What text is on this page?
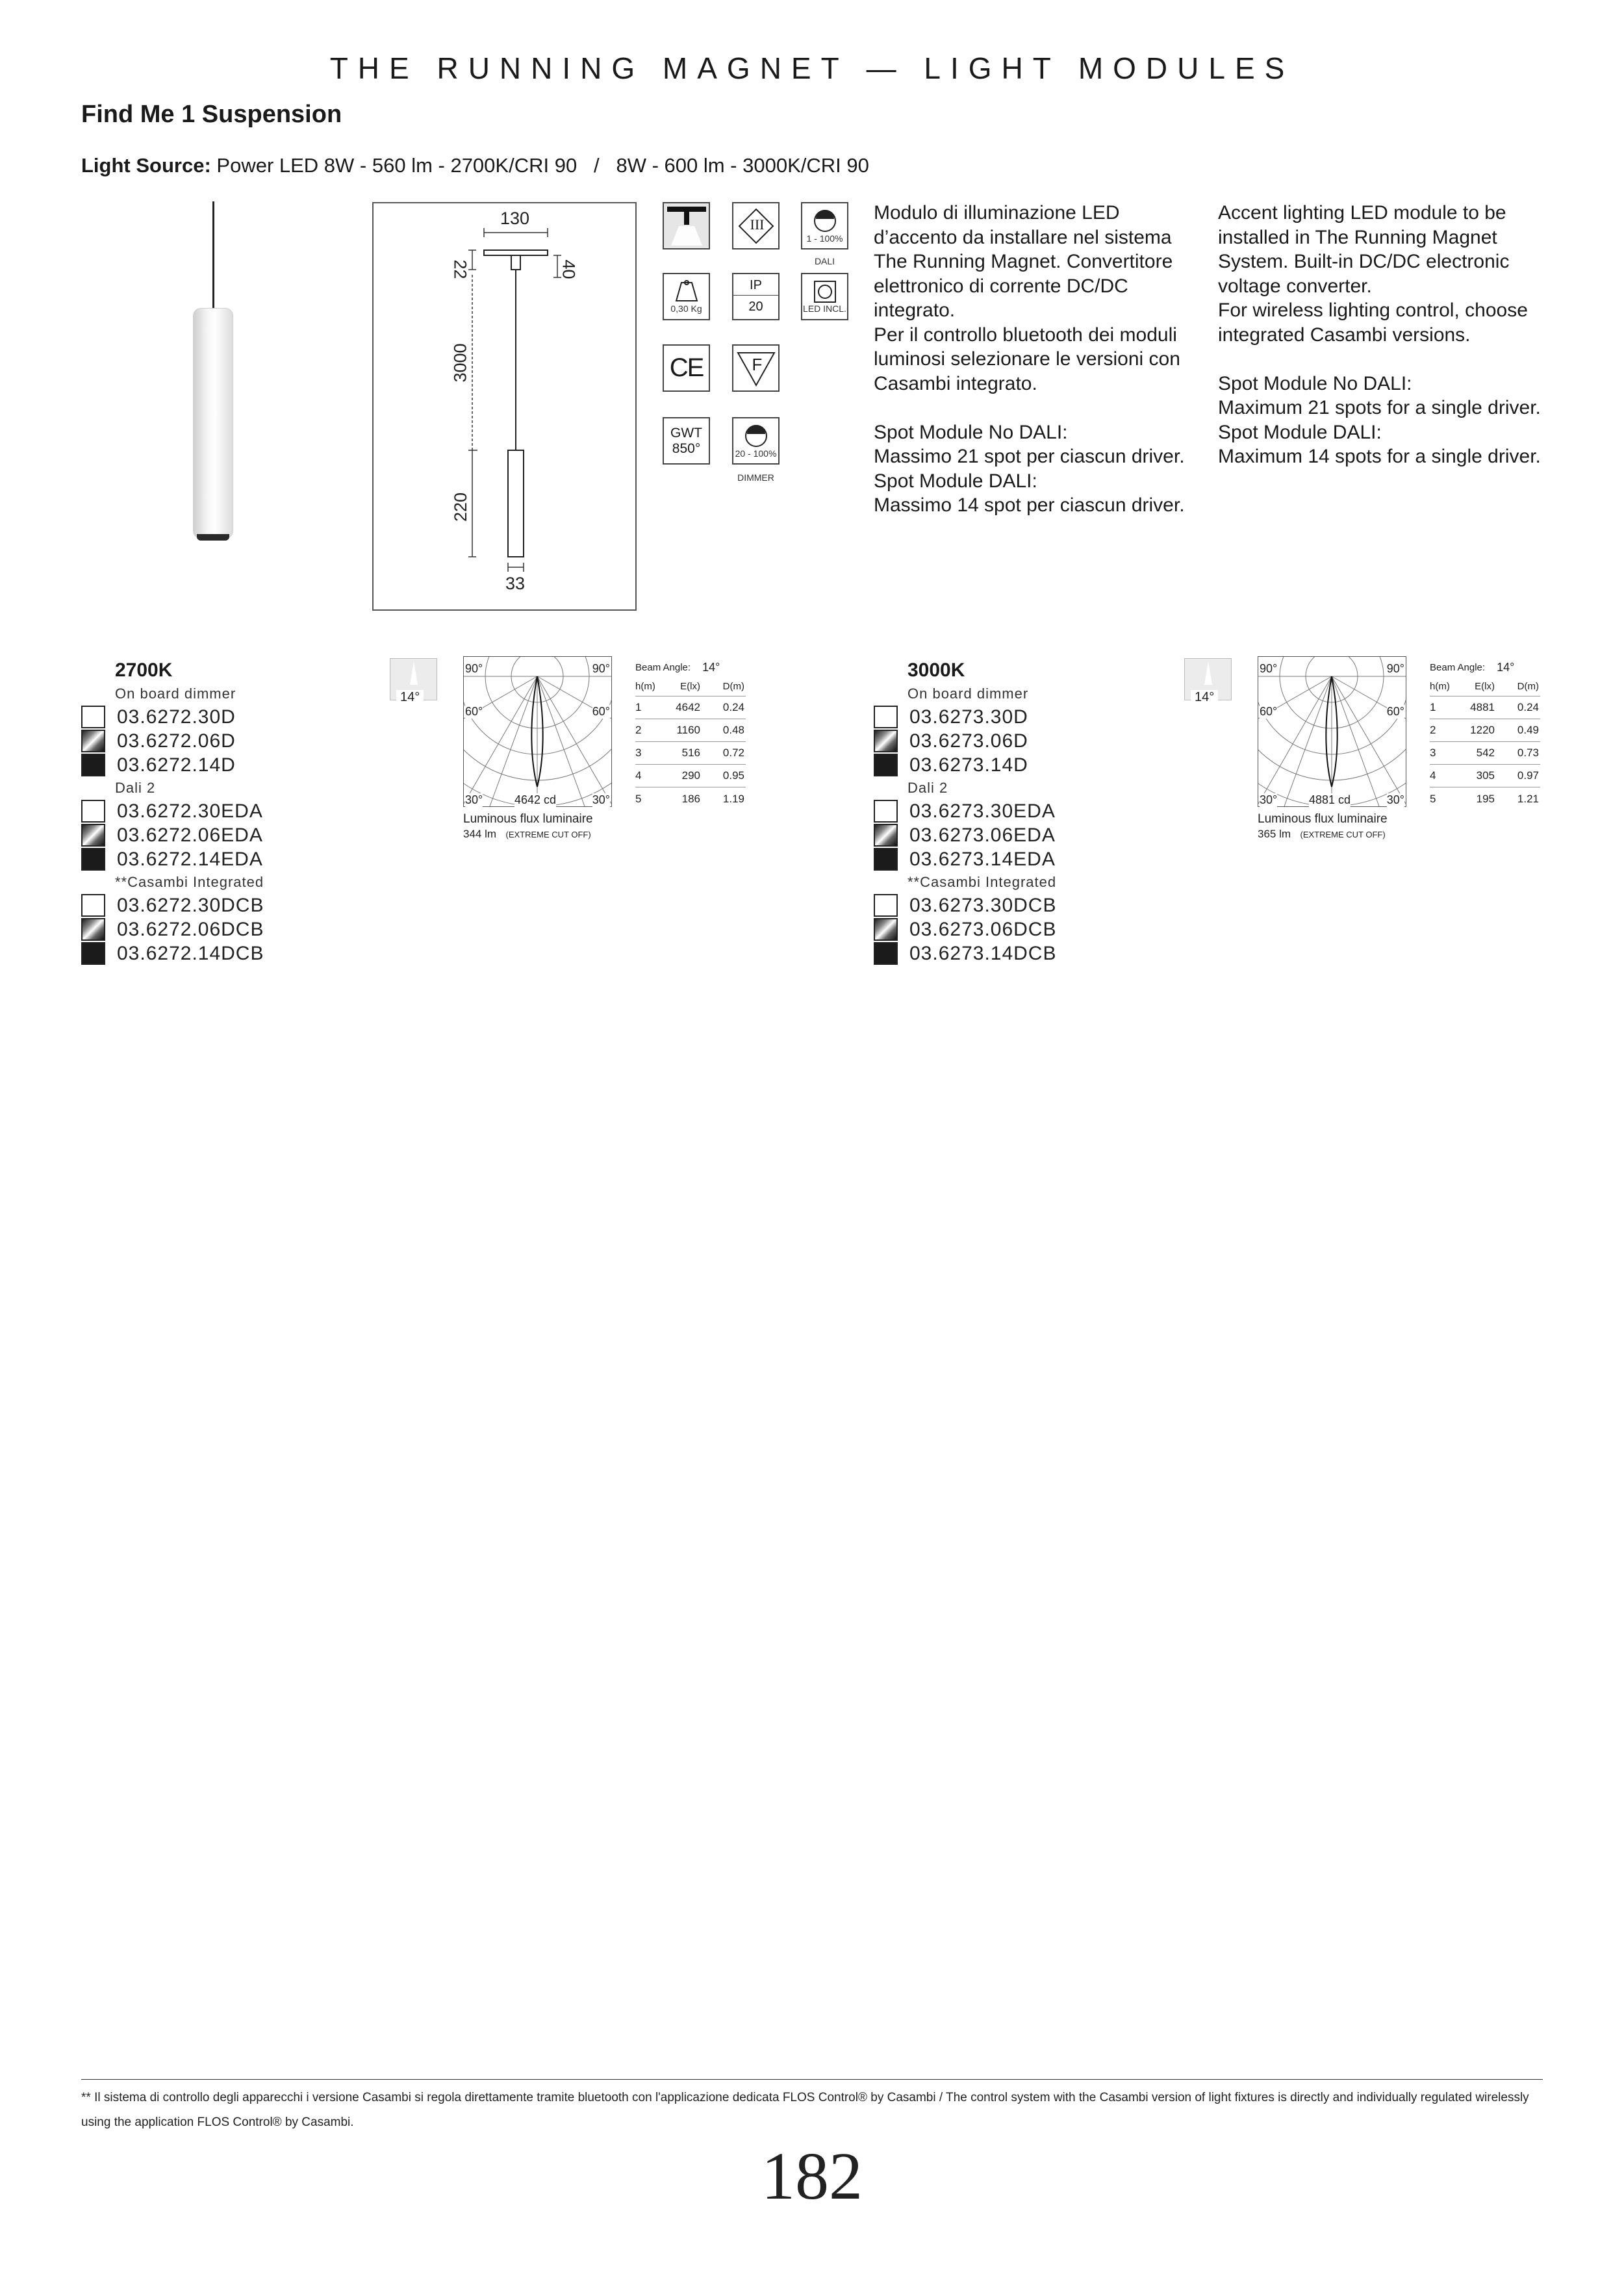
THE RUNNING MAGNET — LIGHT MODULES
Find Me 1 Suspension
Light Source: Power LED 8W - 560 lm - 2700K/CRI 90   /   8W - 600 lm - 3000K/CRI 90
130
22	40
3000
220
33
III
1 - 100%
DALI
0,30 Kg
IP
20	LED INCL.
CE	F
GWT
850°	20 - 100%
DIMMER

Modulo di illuminazione LED
d’accento da installare nel sistema
The Running Magnet. Convertitore
elettronico di corrente DC/DC
integrato.
Per il controllo bluetooth dei moduli
luminosi selezionare le versioni con
Casambi integrato.

Spot Module No DALI:
Massimo 21 spot per ciascun driver.
Spot Module DALI:
Massimo 14 spot per ciascun driver.

Accent lighting LED module to be
installed in The Running Magnet
System. Built-in DC/DC electronic
voltage converter.
For wireless lighting control, choose
integrated Casambi versions.

Spot Module No DALI:
Maximum 21 spots for a single driver.
Spot Module DALI:
Maximum 14 spots for a single driver.

2700K
On board dimmer
03.6272.30D
03.6272.06D
03.6272.14D
Dali 2
03.6272.30EDA
03.6272.06EDA
03.6272.14EDA
**Casambi Integrated
03.6272.30DCB
03.6272.06DCB
03.6272.14DCB
14°
90°	90°
60°	60°
30°	30°
4642 cd
Luminous flux luminaire
344 lm (EXTREME CUT OFF)
Beam Angle: 14°
h(m)	E(lx)	D(m)
1	4642	0.24
2	1160	0.48
3	516	0.72
4	290	0.95
5	186	1.19
3000K
On board dimmer
03.6273.30D
03.6273.06D
03.6273.14D
Dali 2
03.6273.30EDA
03.6273.06EDA
03.6273.14EDA
**Casambi Integrated
03.6273.30DCB
03.6273.06DCB
03.6273.14DCB
14°
90°	90°
60°	60°
30°	30°
4881 cd
Luminous flux luminaire
365 lm (EXTREME CUT OFF)
Beam Angle: 14°
h(m)	E(lx)	D(m)
1	4881	0.24
2	1220	0.49
3	542	0.73
4	305	0.97
5	195	1.21
** Il sistema di controllo degli apparecchi i versione Casambi si regola direttamente tramite bluetooth con l'applicazione dedicata FLOS Control® by Casambi / The control system with the Casambi version of light fixtures is directly and individually regulated wirelessly using the application FLOS Control® by Casambi.
182
